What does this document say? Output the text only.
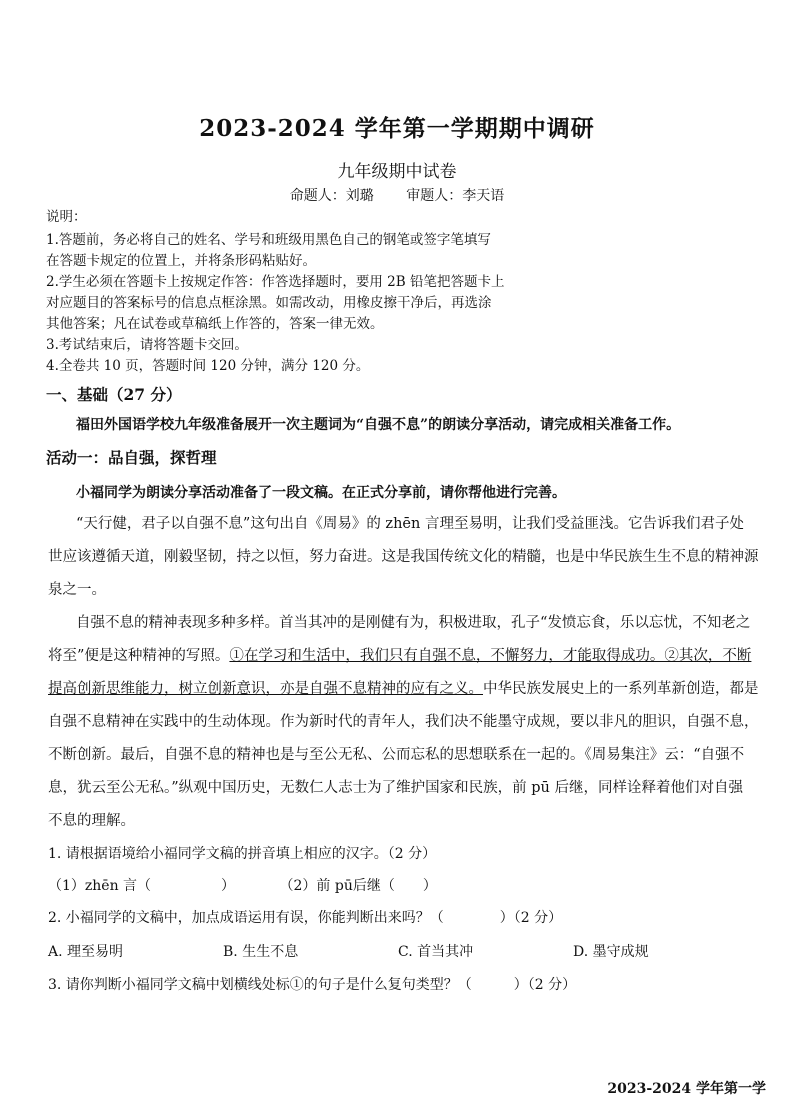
2023-2024 学年第一学期期中调研
九年级期中试卷
命题人：刘璐 审题人：李天语
说明：
1.答题前，务必将自己的姓名、学号和班级用黑色自己的钢笔或签字笔填写
在答题卡规定的位置上，并将条形码粘贴好。
2.学生必须在答题卡上按规定作答：作答选择题时，要用 2B 铅笔把答题卡上
对应题目的答案标号的信息点框涂黑。如需改动，用橡皮擦干净后，再选涂
其他答案；凡在试卷或草稿纸上作答的，答案一律无效。
3.考试结束后，请将答题卡交回。
4.全卷共 10 页，答题时间 120 分钟，满分 120 分。
一、基础（27 分）
福田外国语学校九年级准备展开一次主题词为“自强不息”的朗读分享活动，请完成相关准备工作。
活动一：品自强，探哲理
小福同学为朗读分享活动准备了一段文稿。在正式分享前，请你帮他进行完善。
“天行健，君子以自强不息”这句出自《周易》的 zhēn 言理至易明，让我们受益匪浅。它告诉我们君子处
世应该遵循天道，刚毅坚韧，持之以恒，努力奋进。这是我国传统文化的精髓，也是中华民族生生不息的精神源
泉之一。
自强不息的精神表现多种多样。首当其冲的是刚健有为，积极进取，孔子“发愤忘食，乐以忘忧，不知老之
将至”便是这种精神的写照。①在学习和生活中，我们只有自强不息，不懈努力，才能取得成功。②其次，不断
提高创新思维能力，树立创新意识，亦是自强不息精神的应有之义。中华民族发展史上的一系列革新创造，都是
自强不息精神在实践中的生动体现。作为新时代的青年人，我们决不能墨守成规，要以非凡的胆识，自强不息，
不断创新。最后，自强不息的精神也是与至公无私、公而忘私的思想联系在一起的。《周易集注》云：“自强不
息，犹云至公无私。”纵观中国历史，无数仁人志士为了维护国家和民族，前 pū 后继，同样诠释着他们对自强
不息的理解。
1. 请根据语境给小福同学文稿的拼音填上相应的汉字。（2 分）
（1）zhēn 言（　　　　　）	（2）前 pū后继（　　）
2. 小福同学的文稿中，加点成语运用有误，你能判断出来吗？（　　　　）（2 分）
A. 理至易明	B. 生生不息	C. 首当其冲	D. 墨守成规
3. 请你判断小福同学文稿中划横线处标①的句子是什么复句类型？（　　　）（2 分）
2023-2024 学年第一学
